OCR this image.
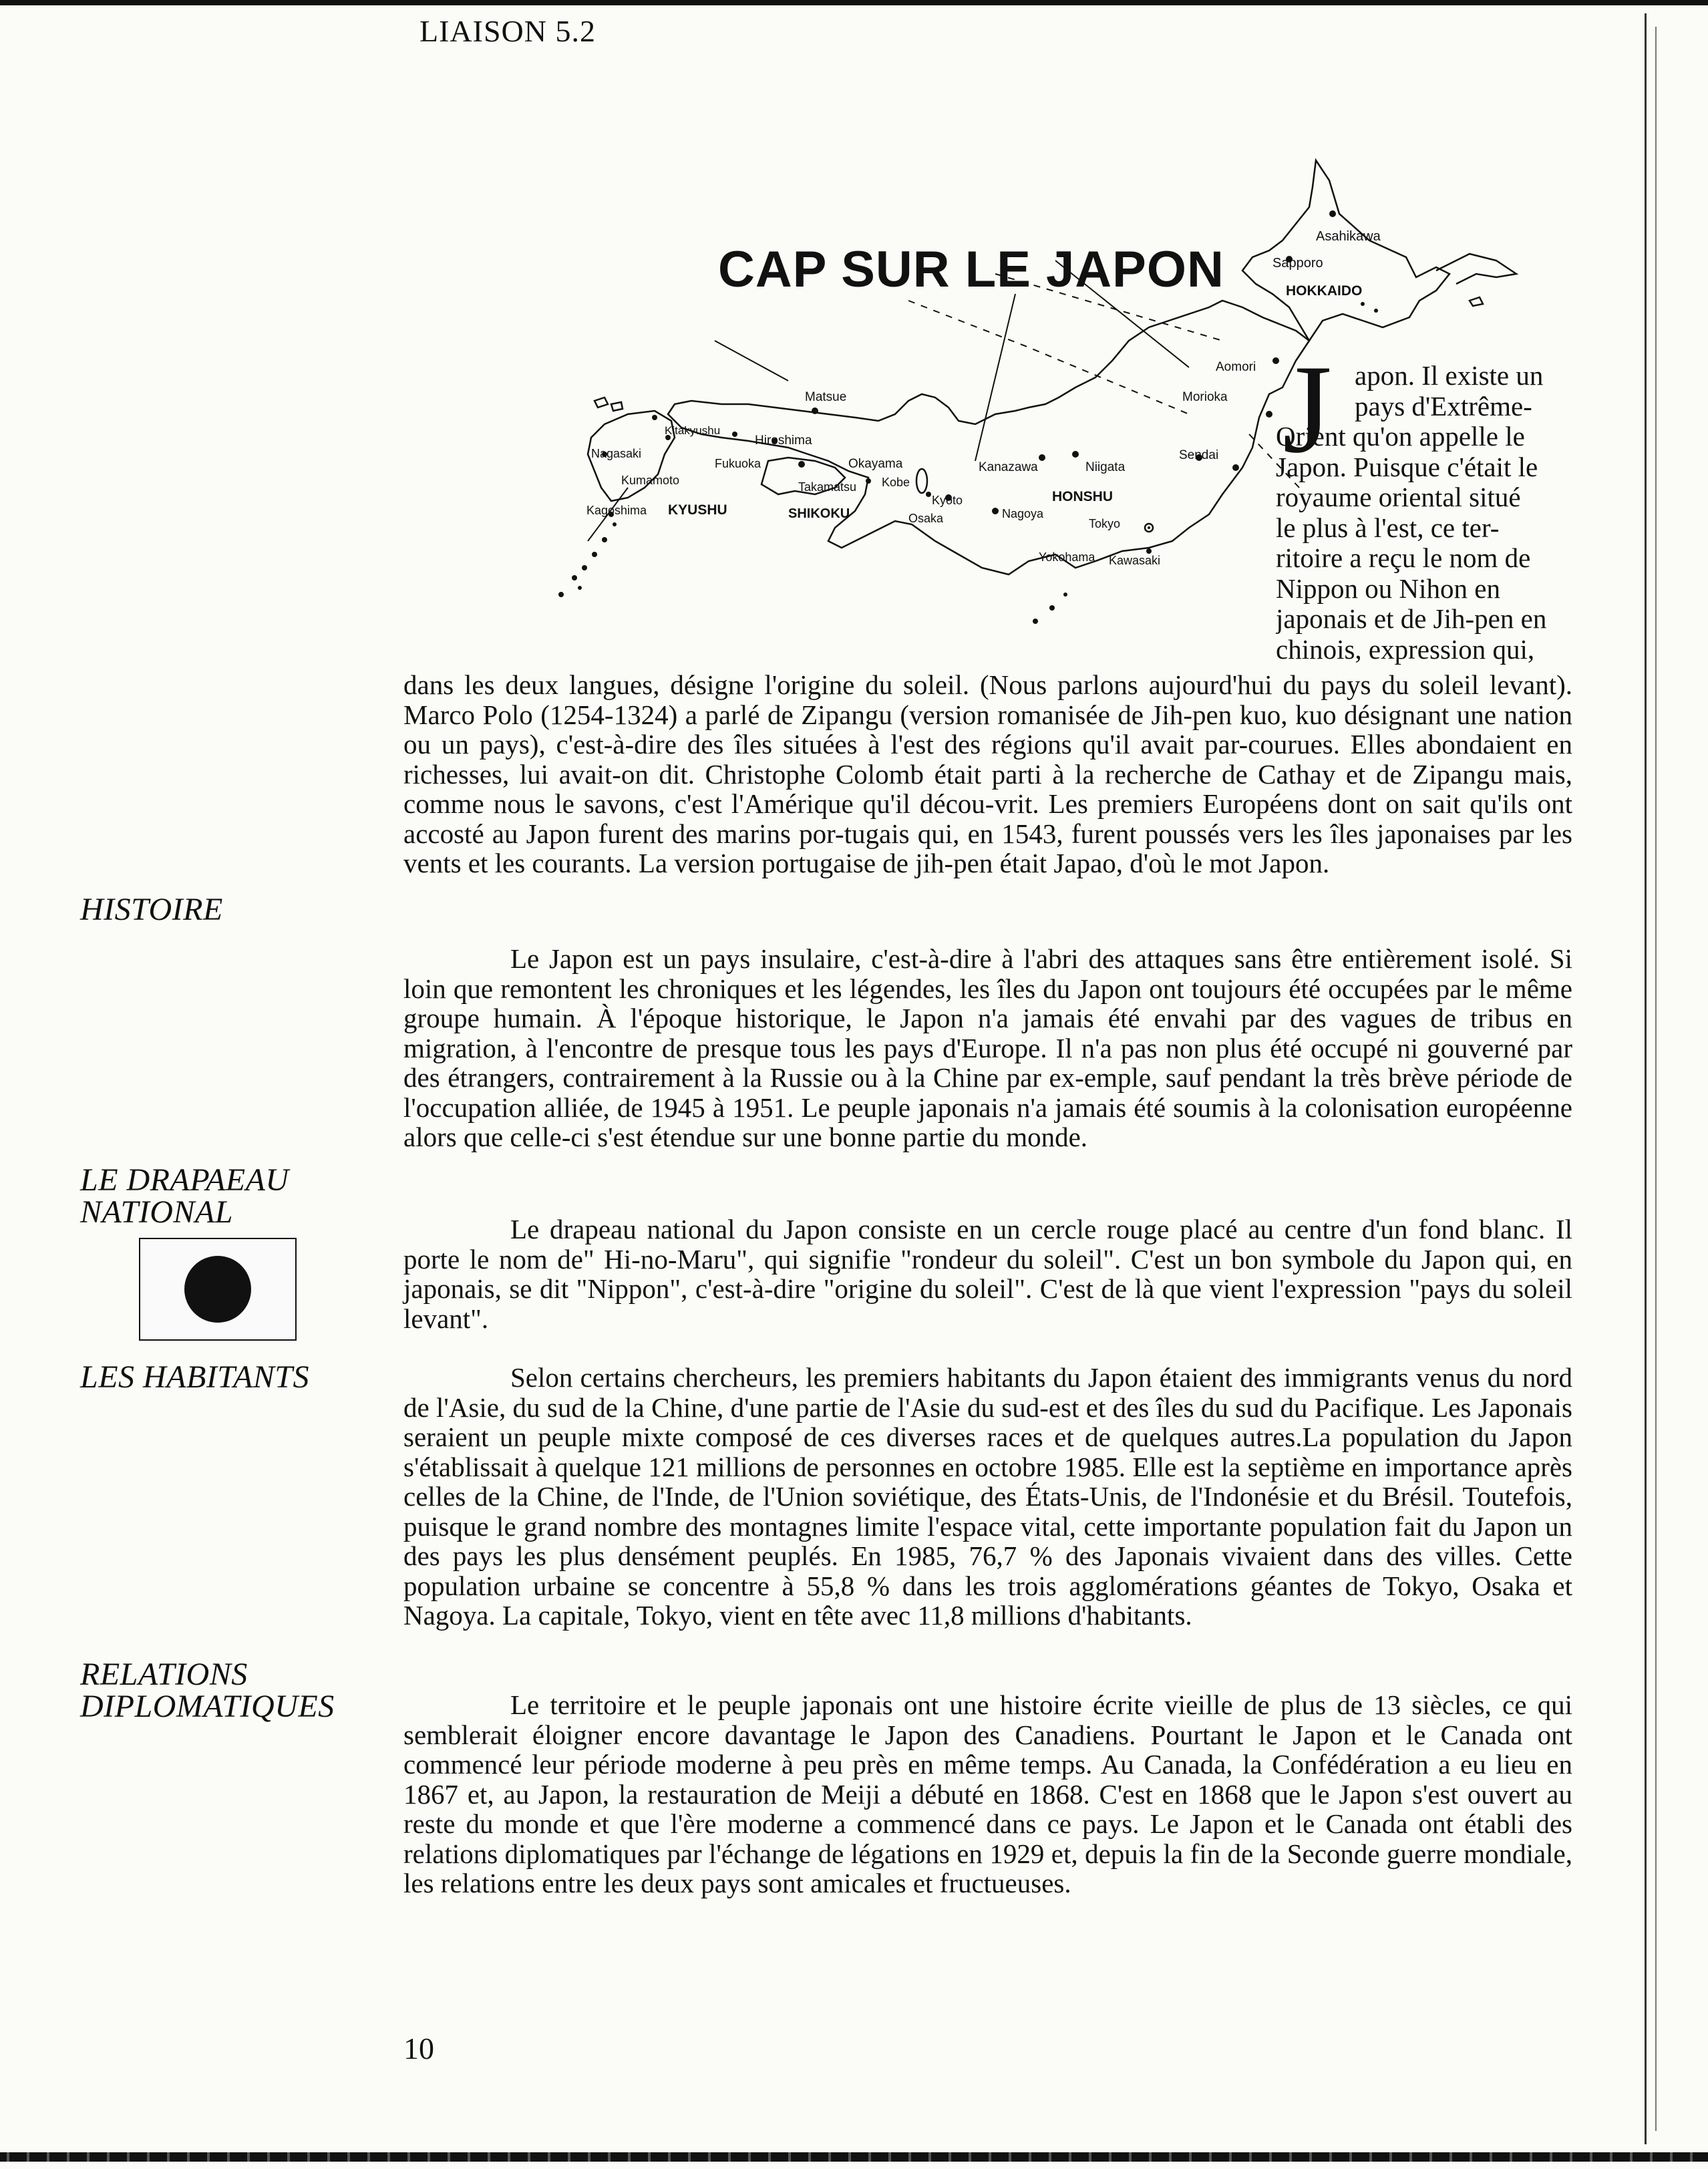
LIAISON 5.2
Asahikawa
Sapporo
HOKKAIDO
Aomori
Morioka
Sendai
Niigata
Kanazawa
HONSHU
Tokyo
Kawasaki
Yokohama
Nagoya
Kyoto
Osaka
Kobe
Okayama
Hiroshima
Matsue
Takamatsu
SHIKOKU
KYUSHU
Kitakyushu
Fukuoka
Nagasaki
Kumamoto
Kagoshima
CAP SUR LE JAPON
J apon. Il existe un
pays d'Extrême-
Orient qu'on appelle le
Japon. Puisque c'était le
royaume oriental situé
le plus à l'est, ce ter-
ritoire a reçu le nom de
Nippon ou Nihon en
japonais et de Jih-pen en
chinois, expression qui,

dans les deux langues, désigne l'origine du soleil. (Nous parlons aujourd'hui du pays du soleil levant). Marco Polo (1254-1324) a parlé de Zipangu (version romanisée de Jih-pen kuo, kuo désignant une nation ou un pays), c'est-à-dire des îles situées à l'est des régions qu'il avait par-courues. Elles abondaient en richesses, lui avait-on dit. Christophe Colomb était parti à la recherche de Cathay et de Zipangu mais, comme nous le savons, c'est l'Amérique qu'il décou-vrit. Les premiers Européens dont on sait qu'ils ont accosté au Japon furent des marins por-tugais qui, en 1543, furent poussés vers les îles japonaises par les vents et les courants. La version portugaise de jih-pen était Japao, d'où le mot Japon.

HISTOIRE

Le Japon est un pays insulaire, c'est-à-dire à l'abri des attaques sans être entièrement isolé. Si loin que remontent les chroniques et les légendes, les îles du Japon ont toujours été occupées par le même groupe humain. À l'époque historique, le Japon n'a jamais été envahi par des vagues de tribus en migration, à l'encontre de presque tous les pays d'Europe. Il n'a pas non plus été occupé ni gouverné par des étrangers, contrairement à la Russie ou à la Chine par ex-emple, sauf pendant la très brève période de l'occupation alliée, de 1945 à 1951. Le peuple japonais n'a jamais été soumis à la colonisation européenne alors que celle-ci s'est étendue sur une bonne partie du monde.

LE DRAPAEAU
NATIONAL	Le drapeau national du Japon consiste en un cercle rouge placé au centre d'un fond blanc. Il porte le nom de" Hi-no-Maru", qui signifie "rondeur du soleil". C'est un bon symbole du Japon qui, en japonais, se dit "Nippon", c'est-à-dire "origine du soleil". C'est de là que vient l'expression "pays du soleil levant".

LES HABITANTS	Selon certains chercheurs, les premiers habitants du Japon étaient des immigrants venus du nord de l'Asie, du sud de la Chine, d'une partie de l'Asie du sud-est et des îles du sud du Pacifique. Les Japonais seraient un peuple mixte composé de ces diverses races et de quelques autres.La population du Japon s'établissait à quelque 121 millions de personnes en octobre 1985. Elle est la septième en importance après celles de la Chine, de l'Inde, de l'Union soviétique, des États-Unis, de l'Indonésie et du Brésil. Toutefois, puisque le grand nombre des montagnes limite l'espace vital, cette importante population fait du Japon un des pays les plus densément peuplés. En 1985, 76,7 % des Japonais vivaient dans des villes. Cette population urbaine se concentre à 55,8 % dans les trois agglomérations géantes de Tokyo, Osaka et Nagoya. La capitale, Tokyo, vient en tête avec 11,8 millions d'habitants.

RELATIONS
DIPLOMATIQUES	Le territoire et le peuple japonais ont une histoire écrite vieille de plus de 13 siècles, ce qui semblerait éloigner encore davantage le Japon des Canadiens. Pourtant le Japon et le Canada ont commencé leur période moderne à peu près en même temps. Au Canada, la Confédération a eu lieu en 1867 et, au Japon, la restauration de Meiji a débuté en 1868. C'est en 1868 que le Japon s'est ouvert au reste du monde et que l'ère moderne a commencé dans ce pays. Le Japon et le Canada ont établi des relations diplomatiques par l'échange de légations en 1929 et, depuis la fin de la Seconde guerre mondiale, les relations entre les deux pays sont amicales et fructueuses.

10
